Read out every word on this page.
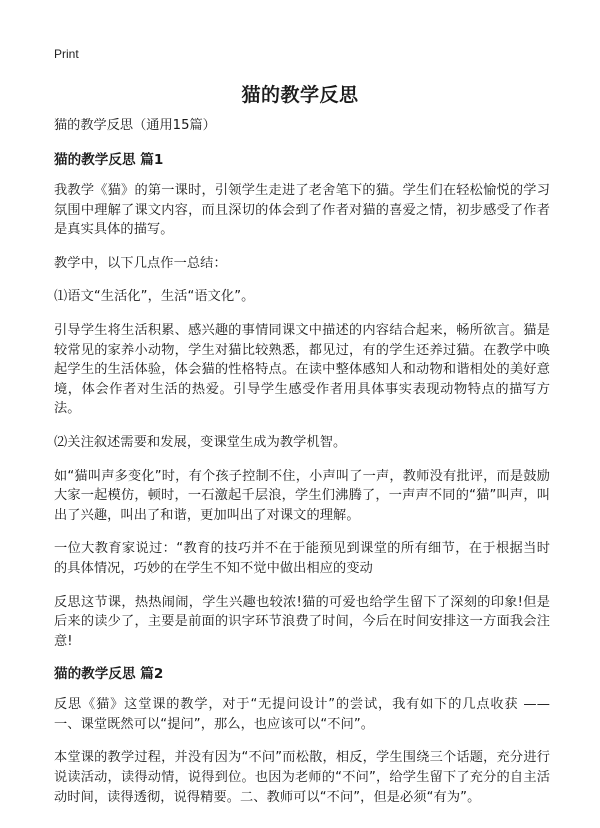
Print
猫的教学反思

猫的教学反思（通用15篇）

猫的教学反思 篇1

我教学《猫》的第一课时，引领学生走进了老舍笔下的猫。学生们在轻松愉悦的学习氛围中理解了课文内容，而且深切的体会到了作者对猫的喜爱之情，初步感受了作者是真实具体的描写。

教学中，以下几点作一总结：

⑴语文“生活化”，生活“语文化”。

引导学生将生活积累、感兴趣的事情同课文中描述的内容结合起来，畅所欲言。猫是较常见的家养小动物，学生对猫比较熟悉，都见过，有的学生还养过猫。在教学中唤起学生的生活体验，体会猫的性格特点。在读中整体感知人和动物和谐相处的美好意境，体会作者对生活的热爱。引导学生感受作者用具体事实表现动物特点的描写方法。

⑵关注叙述需要和发展，变课堂生成为教学机智。

如“猫叫声多变化”时，有个孩子控制不住，小声叫了一声，教师没有批评，而是鼓励大家一起模仿，顿时，一石激起千层浪，学生们沸腾了，一声声不同的“猫”叫声，叫出了兴趣，叫出了和谐，更加叫出了对课文的理解。

一位大教育家说过：“教育的技巧并不在于能预见到课堂的所有细节，在于根据当时的具体情况，巧妙的在学生不知不觉中做出相应的变动

反思这节课，热热闹闹，学生兴趣也较浓!猫的可爱也给学生留下了深刻的印象!但是后来的读少了，主要是前面的识字环节浪费了时间，今后在时间安排这一方面我会注意!

猫的教学反思 篇2

反思《猫》这堂课的教学，对于“无提问设计”的尝试，我有如下的几点收获 —— 一、课堂既然可以“提问”，那么，也应该可以“不问”。

本堂课的教学过程，并没有因为“不问”而松散，相反，学生围绕三个话题，充分进行说读活动，读得动情，说得到位。也因为老师的“不问”，给学生留下了充分的自主活动时间，读得透彻，说得精要。二、教师可以“不问”，但是必须“有为”。
